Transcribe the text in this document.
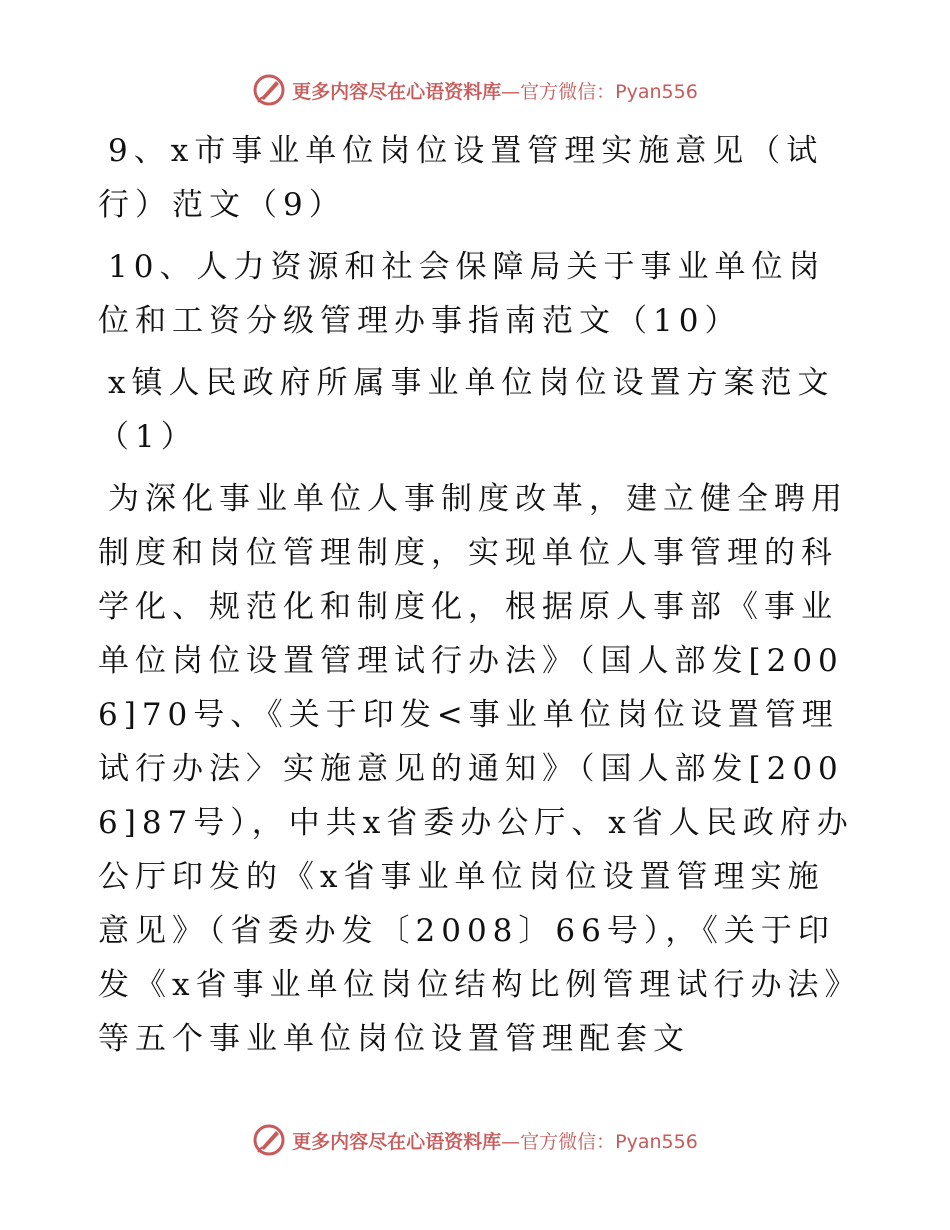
更多内容尽在心语资料库—官方微信：Pyan556

9、x市事业单位岗位设置管理实施意见（试行）范文（9）

10、人力资源和社会保障局关于事业单位岗位和工资分级管理办事指南范文（10）

x镇人民政府所属事业单位岗位设置方案范文（1）

为深化事业单位人事制度改革，建立健全聘用制度和岗位管理制度，实现单位人事管理的科学化、规范化和制度化，根据原人事部《事业单位岗位设置管理试行办法》（国人部发[2006]70号、《关于印发<事业单位岗位设置管理试行办法〉实施意见的通知》（国人部发[2006]87号），中共x省委办公厅、x省人民政府办公厅印发的《x省事业单位岗位设置管理实施意见》（省委办发〔2008〕66号），《关于印发《x省事业单位岗位结构比例管理试行办法》等五个事业单位岗位设置管理配套文

更多内容尽在心语资料库—官方微信：Pyan556
